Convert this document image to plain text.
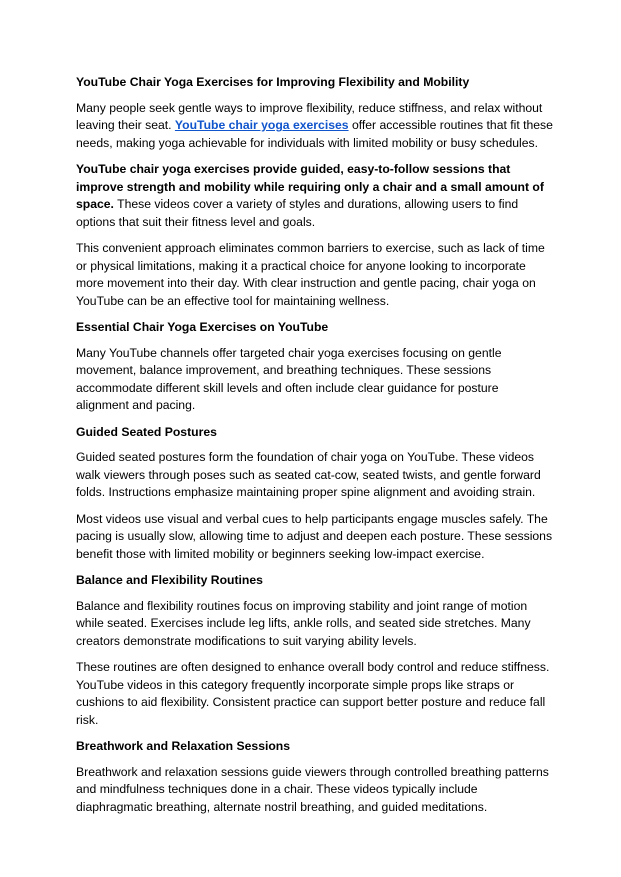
YouTube Chair Yoga Exercises for Improving Flexibility and Mobility

Many people seek gentle ways to improve flexibility, reduce stiffness, and relax without leaving their seat. YouTube chair yoga exercises offer accessible routines that fit these needs, making yoga achievable for individuals with limited mobility or busy schedules.

YouTube chair yoga exercises provide guided, easy-to-follow sessions that improve strength and mobility while requiring only a chair and a small amount of space. These videos cover a variety of styles and durations, allowing users to find options that suit their fitness level and goals.

This convenient approach eliminates common barriers to exercise, such as lack of time or physical limitations, making it a practical choice for anyone looking to incorporate more movement into their day. With clear instruction and gentle pacing, chair yoga on YouTube can be an effective tool for maintaining wellness.

Essential Chair Yoga Exercises on YouTube

Many YouTube channels offer targeted chair yoga exercises focusing on gentle movement, balance improvement, and breathing techniques. These sessions accommodate different skill levels and often include clear guidance for posture alignment and pacing.

Guided Seated Postures

Guided seated postures form the foundation of chair yoga on YouTube. These videos walk viewers through poses such as seated cat-cow, seated twists, and gentle forward folds. Instructions emphasize maintaining proper spine alignment and avoiding strain.

Most videos use visual and verbal cues to help participants engage muscles safely. The pacing is usually slow, allowing time to adjust and deepen each posture. These sessions benefit those with limited mobility or beginners seeking low-impact exercise.

Balance and Flexibility Routines

Balance and flexibility routines focus on improving stability and joint range of motion while seated. Exercises include leg lifts, ankle rolls, and seated side stretches. Many creators demonstrate modifications to suit varying ability levels.

These routines are often designed to enhance overall body control and reduce stiffness. YouTube videos in this category frequently incorporate simple props like straps or cushions to aid flexibility. Consistent practice can support better posture and reduce fall risk.

Breathwork and Relaxation Sessions

Breathwork and relaxation sessions guide viewers through controlled breathing patterns and mindfulness techniques done in a chair. These videos typically include diaphragmatic breathing, alternate nostril breathing, and guided meditations.
